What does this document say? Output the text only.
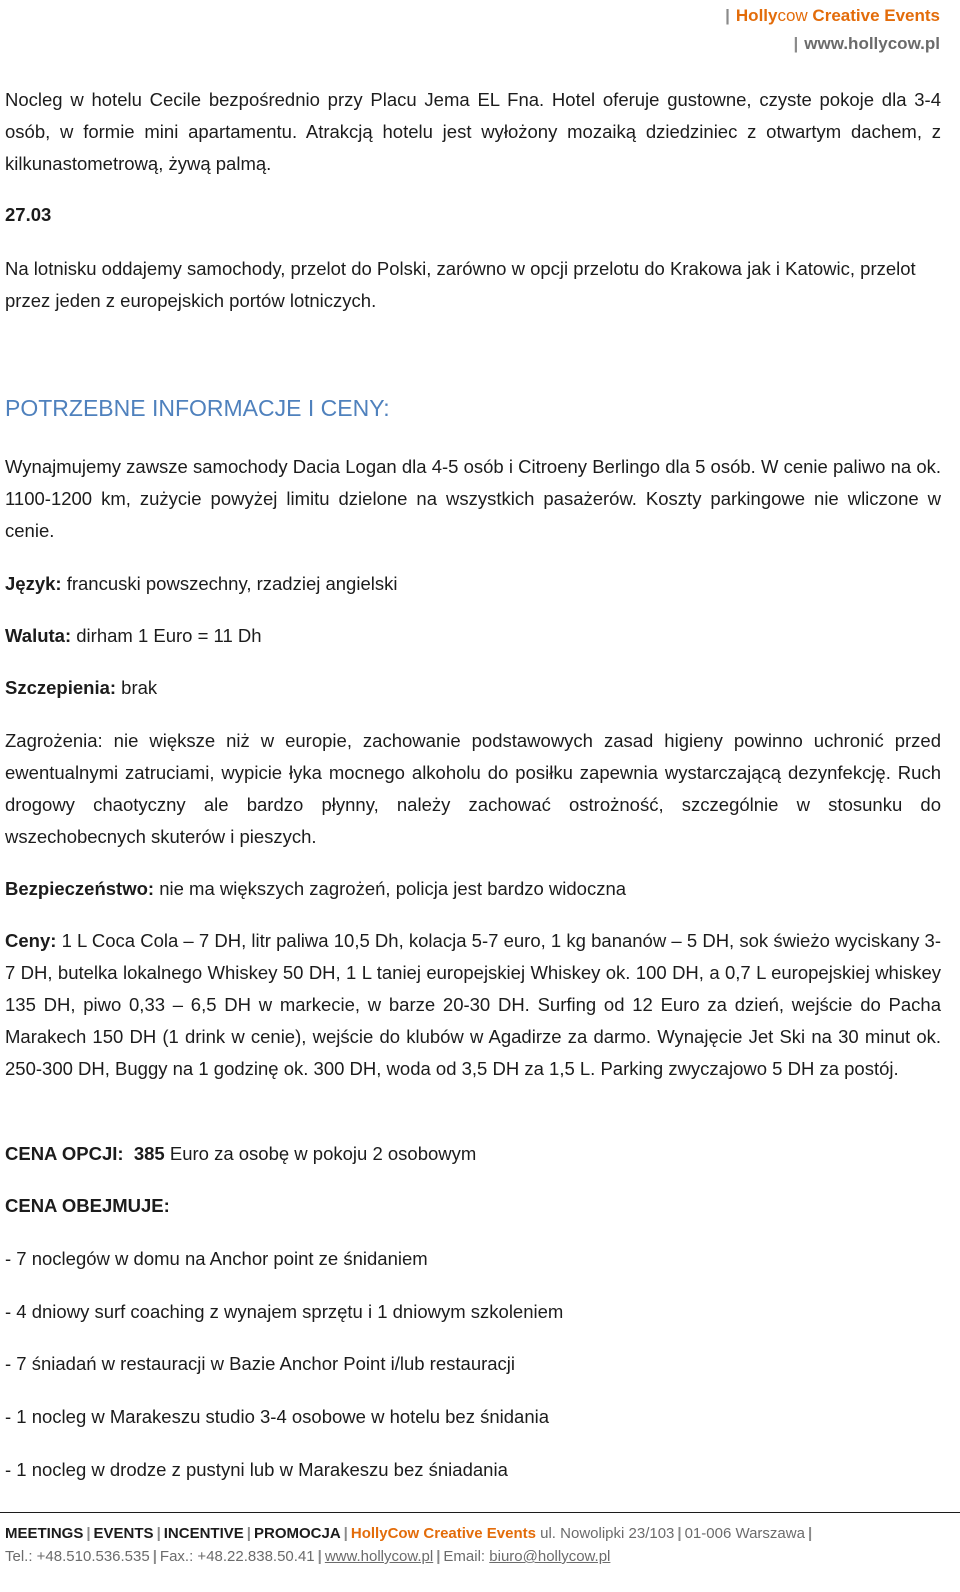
| Hollycow Creative Events
| www.hollycow.pl
Nocleg w hotelu Cecile bezpośrednio przy Placu Jema EL Fna. Hotel oferuje gustowne, czyste pokoje dla 3-4 osób, w formie mini apartamentu. Atrakcją hotelu jest wyłożony mozaiką dziedziniec z otwartym dachem, z kilkunastometrową, żywą palmą.
27.03
Na lotnisku oddajemy samochody, przelot do Polski, zarówno w opcji przelotu do Krakowa jak i Katowic, przelot przez jeden z europejskich portów lotniczych.
POTRZEBNE INFORMACJE I CENY:
Wynajmujemy zawsze samochody Dacia Logan dla 4-5 osób i Citroeny Berlingo dla 5 osób. W cenie paliwo na ok. 1100-1200 km, zużycie powyżej limitu dzielone na wszystkich pasażerów. Koszty parkingowe nie wliczone w cenie.
Język: francuski powszechny, rzadziej angielski
Waluta: dirham 1 Euro = 11 Dh
Szczepienia: brak
Zagrożenia: nie większe niż w europie, zachowanie podstawowych zasad higieny powinno uchronić przed ewentualnymi zatruciami, wypicie łyka mocnego alkoholu do posiłku zapewnia wystarczającą dezynfekcję. Ruch drogowy chaotyczny ale bardzo płynny, należy zachować ostrożność, szczególnie w stosunku do wszechobecnych skuterów i pieszych.
Bezpieczeństwo: nie ma większych zagrożeń, policja jest bardzo widoczna
Ceny: 1 L Coca Cola – 7 DH, litr paliwa 10,5 Dh, kolacja 5-7 euro, 1 kg bananów – 5 DH, sok świeżo wyciskany 3-7 DH, butelka lokalnego Whiskey 50 DH, 1 L taniej europejskiej Whiskey ok. 100 DH, a 0,7 L europejskiej whiskey 135 DH, piwo 0,33 – 6,5 DH w markecie, w barze 20-30 DH. Surfing od 12 Euro za dzień, wejście do Pacha Marakech 150 DH (1 drink w cenie), wejście do klubów w Agadirze za darmo. Wynajęcie Jet Ski na 30 minut ok. 250-300 DH, Buggy na 1 godzinę ok. 300 DH, woda od 3,5 DH za 1,5 L. Parking zwyczajowo 5 DH za postój.
CENA OPCJI: 385 Euro za osobę w pokoju 2 osobowym
CENA OBEJMUJE:
- 7 noclegów w domu na Anchor point ze śnidaniem
- 4 dniowy surf coaching z wynajem sprzętu i 1 dniowym szkoleniem
- 7 śniadań w restauracji w Bazie Anchor Point i/lub restauracji
- 1 nocleg w Marakeszu studio 3-4 osobowe w hotelu bez śnidania
- 1 nocleg w drodze z pustyni lub w Marakeszu bez śniadania
MEETINGS | EVENTS | INCENTIVE | PROMOCJA | HollyCow Creative Events ul. Nowolipki 23/103 | 01-006 Warszawa |
Tel.: +48.510.536.535 | Fax.: +48.22.838.50.41 | www.hollycow.pl | Email: biuro@hollycow.pl
